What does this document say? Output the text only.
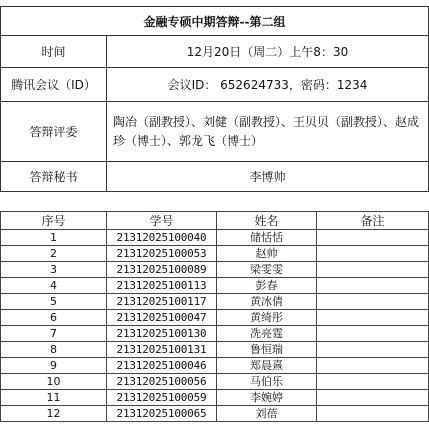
金融专硕中期答辩--第二组	
时间	12月20日（周二）上午8：30
腾讯会议（ID）	会议ID： 652624733，密码：1234
答辩评委	陶冶（副教授）、刘健（副教授）、王贝贝（副教授）、赵成珍（博士）、郭龙飞（博士）
答辩秘书	李博帅
序号	学号	姓名	备注
1	21312025100040	储恬恬	
2	21312025100053	赵帅	
3	21312025100089	梁雯雯	
4	21312025100113	彭春	
5	21312025100117	黄冰倩	
6	21312025100047	黄绮彤	
7	21312025100130	冼亮霆	
8	21312025100131	鲁恒瑞	
9	21312025100046	郑晨熹	
10	21312025100056	马伯乐	
11	21312025100059	李婉婷	
12	21312025100065	刘蓓	
